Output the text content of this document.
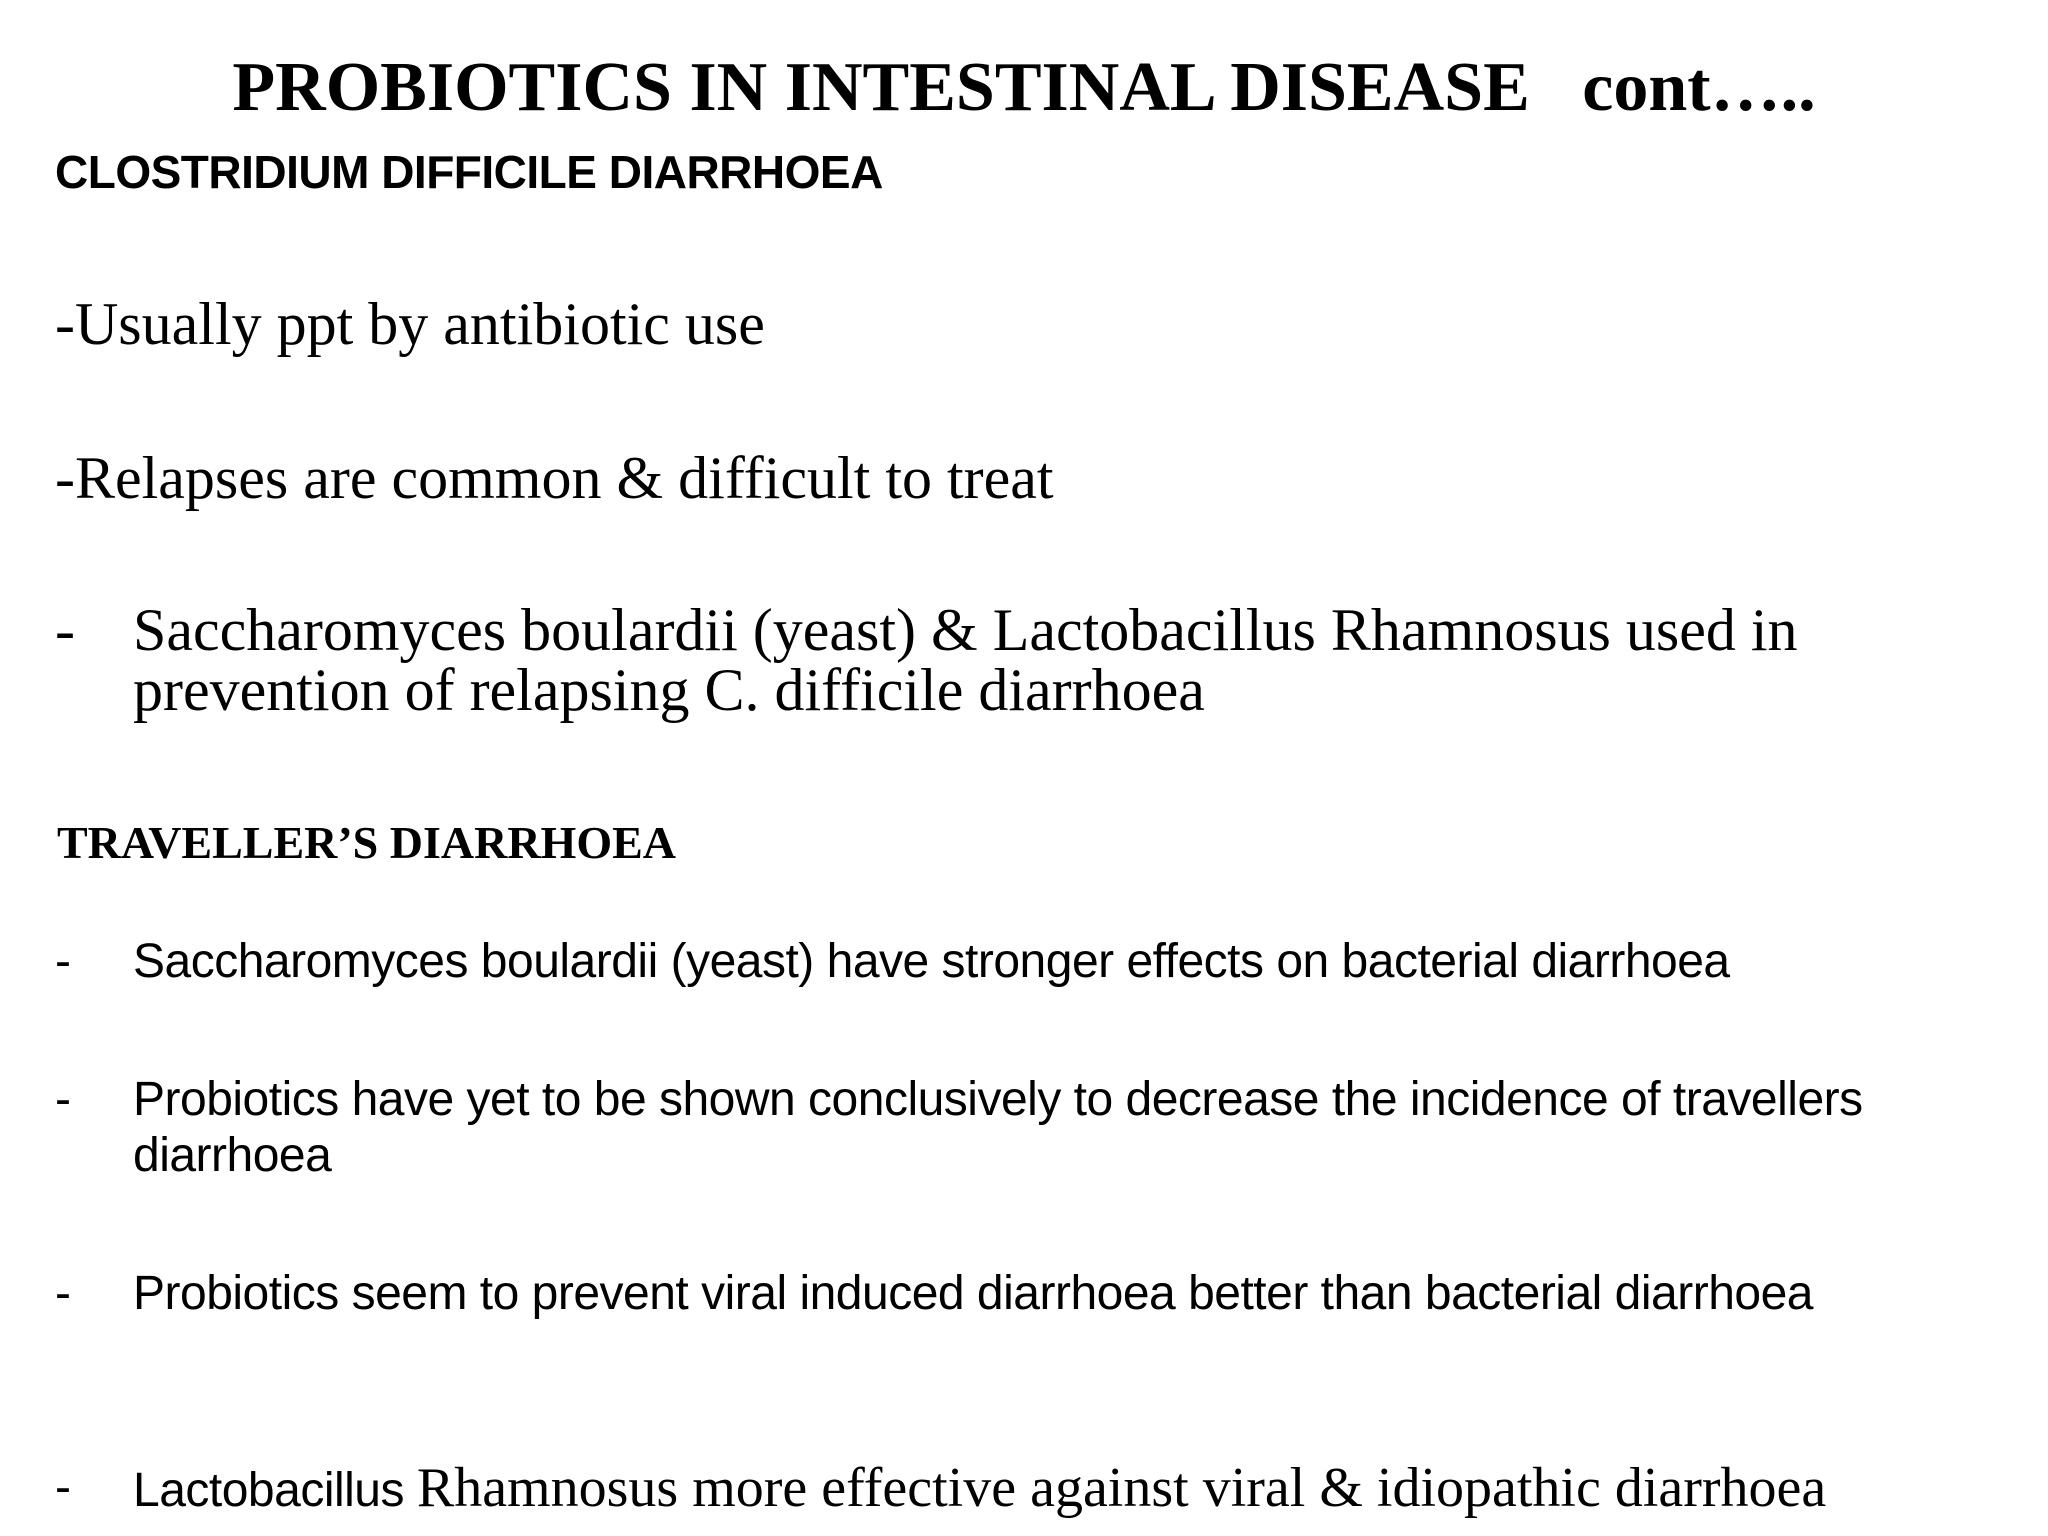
PROBIOTICS IN INTESTINAL DISEASE   cont…..
CLOSTRIDIUM DIFFICILE DIARRHOEA
-Usually ppt by antibiotic use
-Relapses are common & difficult to treat
- Saccharomyces boulardii (yeast) & Lactobacillus Rhamnosus used in prevention of relapsing C. difficile diarrhoea
TRAVELLER’S DIARRHOEA
- Saccharomyces boulardii (yeast) have stronger effects on bacterial diarrhoea
- Probiotics have yet to be shown conclusively to decrease the incidence of travellers diarrhoea
- Probiotics seem to prevent viral induced diarrhoea better than bacterial diarrhoea
- Lactobacillus Rhamnosus more effective against viral & idiopathic diarrhoea
